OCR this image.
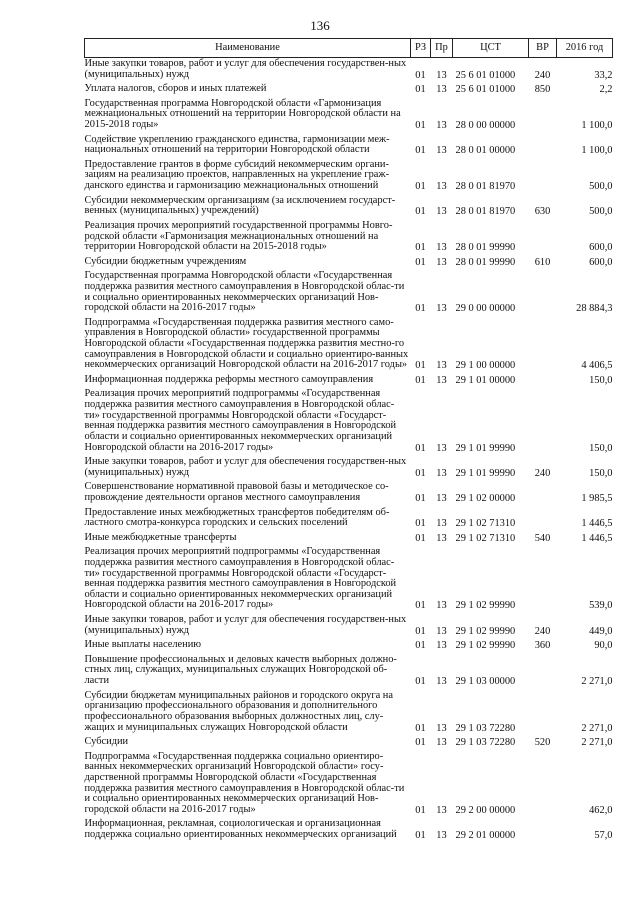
136
Наименование	РЗ	Пр	ЦСТ	ВР	2016 год
Иные закупки товаров, работ и услуг для обеспечения государствен-ных (муниципальных) нужд	01	13	25 6 01 01000	240	33,2
Уплата налогов, сборов и иных платежей	01	13	25 6 01 01000	850	2,2
Государственная программа Новгородской области «Гармонизация межнациональных отношений на территории Новгородской области на 2015-2018 годы»	01	13	28 0 00 00000		1 100,0
Содействие укреплению гражданского единства, гармонизации меж-национальных отношений на территории Новгородской области	01	13	28 0 01 00000		1 100,0
Предоставление грантов в форме субсидий некоммерческим органи-зациям на реализацию проектов, направленных на укрепление граж-данского единства и гармонизацию межнациональных отношений	01	13	28 0 01 81970		500,0
Субсидии некоммерческим организациям (за исключением государст-венных (муниципальных) учреждений)	01	13	28 0 01 81970	630	500,0
Реализация прочих мероприятий государственной программы Новго-родской области «Гармонизация межнациональных отношений на территории Новгородской области на 2015-2018 годы»	01	13	28 0 01 99990		600,0
Субсидии бюджетным учреждениям	01	13	28 0 01 99990	610	600,0
Государственная программа Новгородской области «Государственная поддержка развития местного самоуправления в Новгородской облас-ти и социально ориентированных некоммерческих организаций Нов-городской области на 2016-2017 годы»	01	13	29 0 00 00000		28 884,3
Подпрограмма «Государственная поддержка развития местного само-управления в Новгородской области» государственной программы Новгородской области «Государственная поддержка развития местно-го самоуправления в Новгородской области и социально ориентиро-ванных некоммерческих организаций Новгородской области на 2016-2017 годы»	01	13	29 1 00 00000		4 406,5
Информационная поддержка реформы местного самоуправления	01	13	29 1 01 00000		150,0
Реализация прочих мероприятий подпрограммы «Государственная поддержка развития местного самоуправления в Новгородской облас-ти» государственной программы Новгородской области «Государст-венная поддержка развития местного самоуправления в Новгородской области и социально ориентированных некоммерческих организаций Новгородской области на 2016-2017 годы»	01	13	29 1 01 99990		150,0
Иные закупки товаров, работ и услуг для обеспечения государствен-ных (муниципальных) нужд	01	13	29 1 01 99990	240	150,0
Совершенствование нормативной правовой базы и методическое со-провождение деятельности органов местного самоуправления	01	13	29 1 02 00000		1 985,5
Предоставление иных межбюджетных трансфертов победителям об-ластного смотра-конкурса городских и сельских поселений	01	13	29 1 02 71310		1 446,5
Иные межбюджетные трансферты	01	13	29 1 02 71310	540	1 446,5
Реализация прочих мероприятий подпрограммы «Государственная поддержка развития местного самоуправления в Новгородской облас-ти» государственной программы Новгородской области «Государст-венная поддержка развития местного самоуправления в Новгородской области и социально ориентированных некоммерческих организаций Новгородской области на 2016-2017 годы»	01	13	29 1 02 99990		539,0
Иные закупки товаров, работ и услуг для обеспечения государствен-ных (муниципальных) нужд	01	13	29 1 02 99990	240	449,0
Иные выплаты населению	01	13	29 1 02 99990	360	90,0
Повышение профессиональных и деловых качеств выборных должно-стных лиц, служащих, муниципальных служащих Новгородской об-ласти	01	13	29 1 03 00000		2 271,0
Субсидии бюджетам муниципальных районов и городского округа на организацию профессионального образования и дополнительного профессионального образования выборных должностных лиц, слу-жащих и муниципальных служащих Новгородской области	01	13	29 1 03 72280		2 271,0
Субсидии	01	13	29 1 03 72280	520	2 271,0
Подпрограмма «Государственная поддержка социально ориентиро-ванных некоммерческих организаций Новгородской области» госу-дарственной программы Новгородской области «Государственная поддержка развития местного самоуправления в Новгородской облас-ти и социально ориентированных некоммерческих организаций Нов-городской области на 2016-2017 годы»	01	13	29 2 00 00000		462,0
Информационная, рекламная, социологическая и организационная поддержка социально ориентированных некоммерческих организаций	01	13	29 2 01 00000		57,0
